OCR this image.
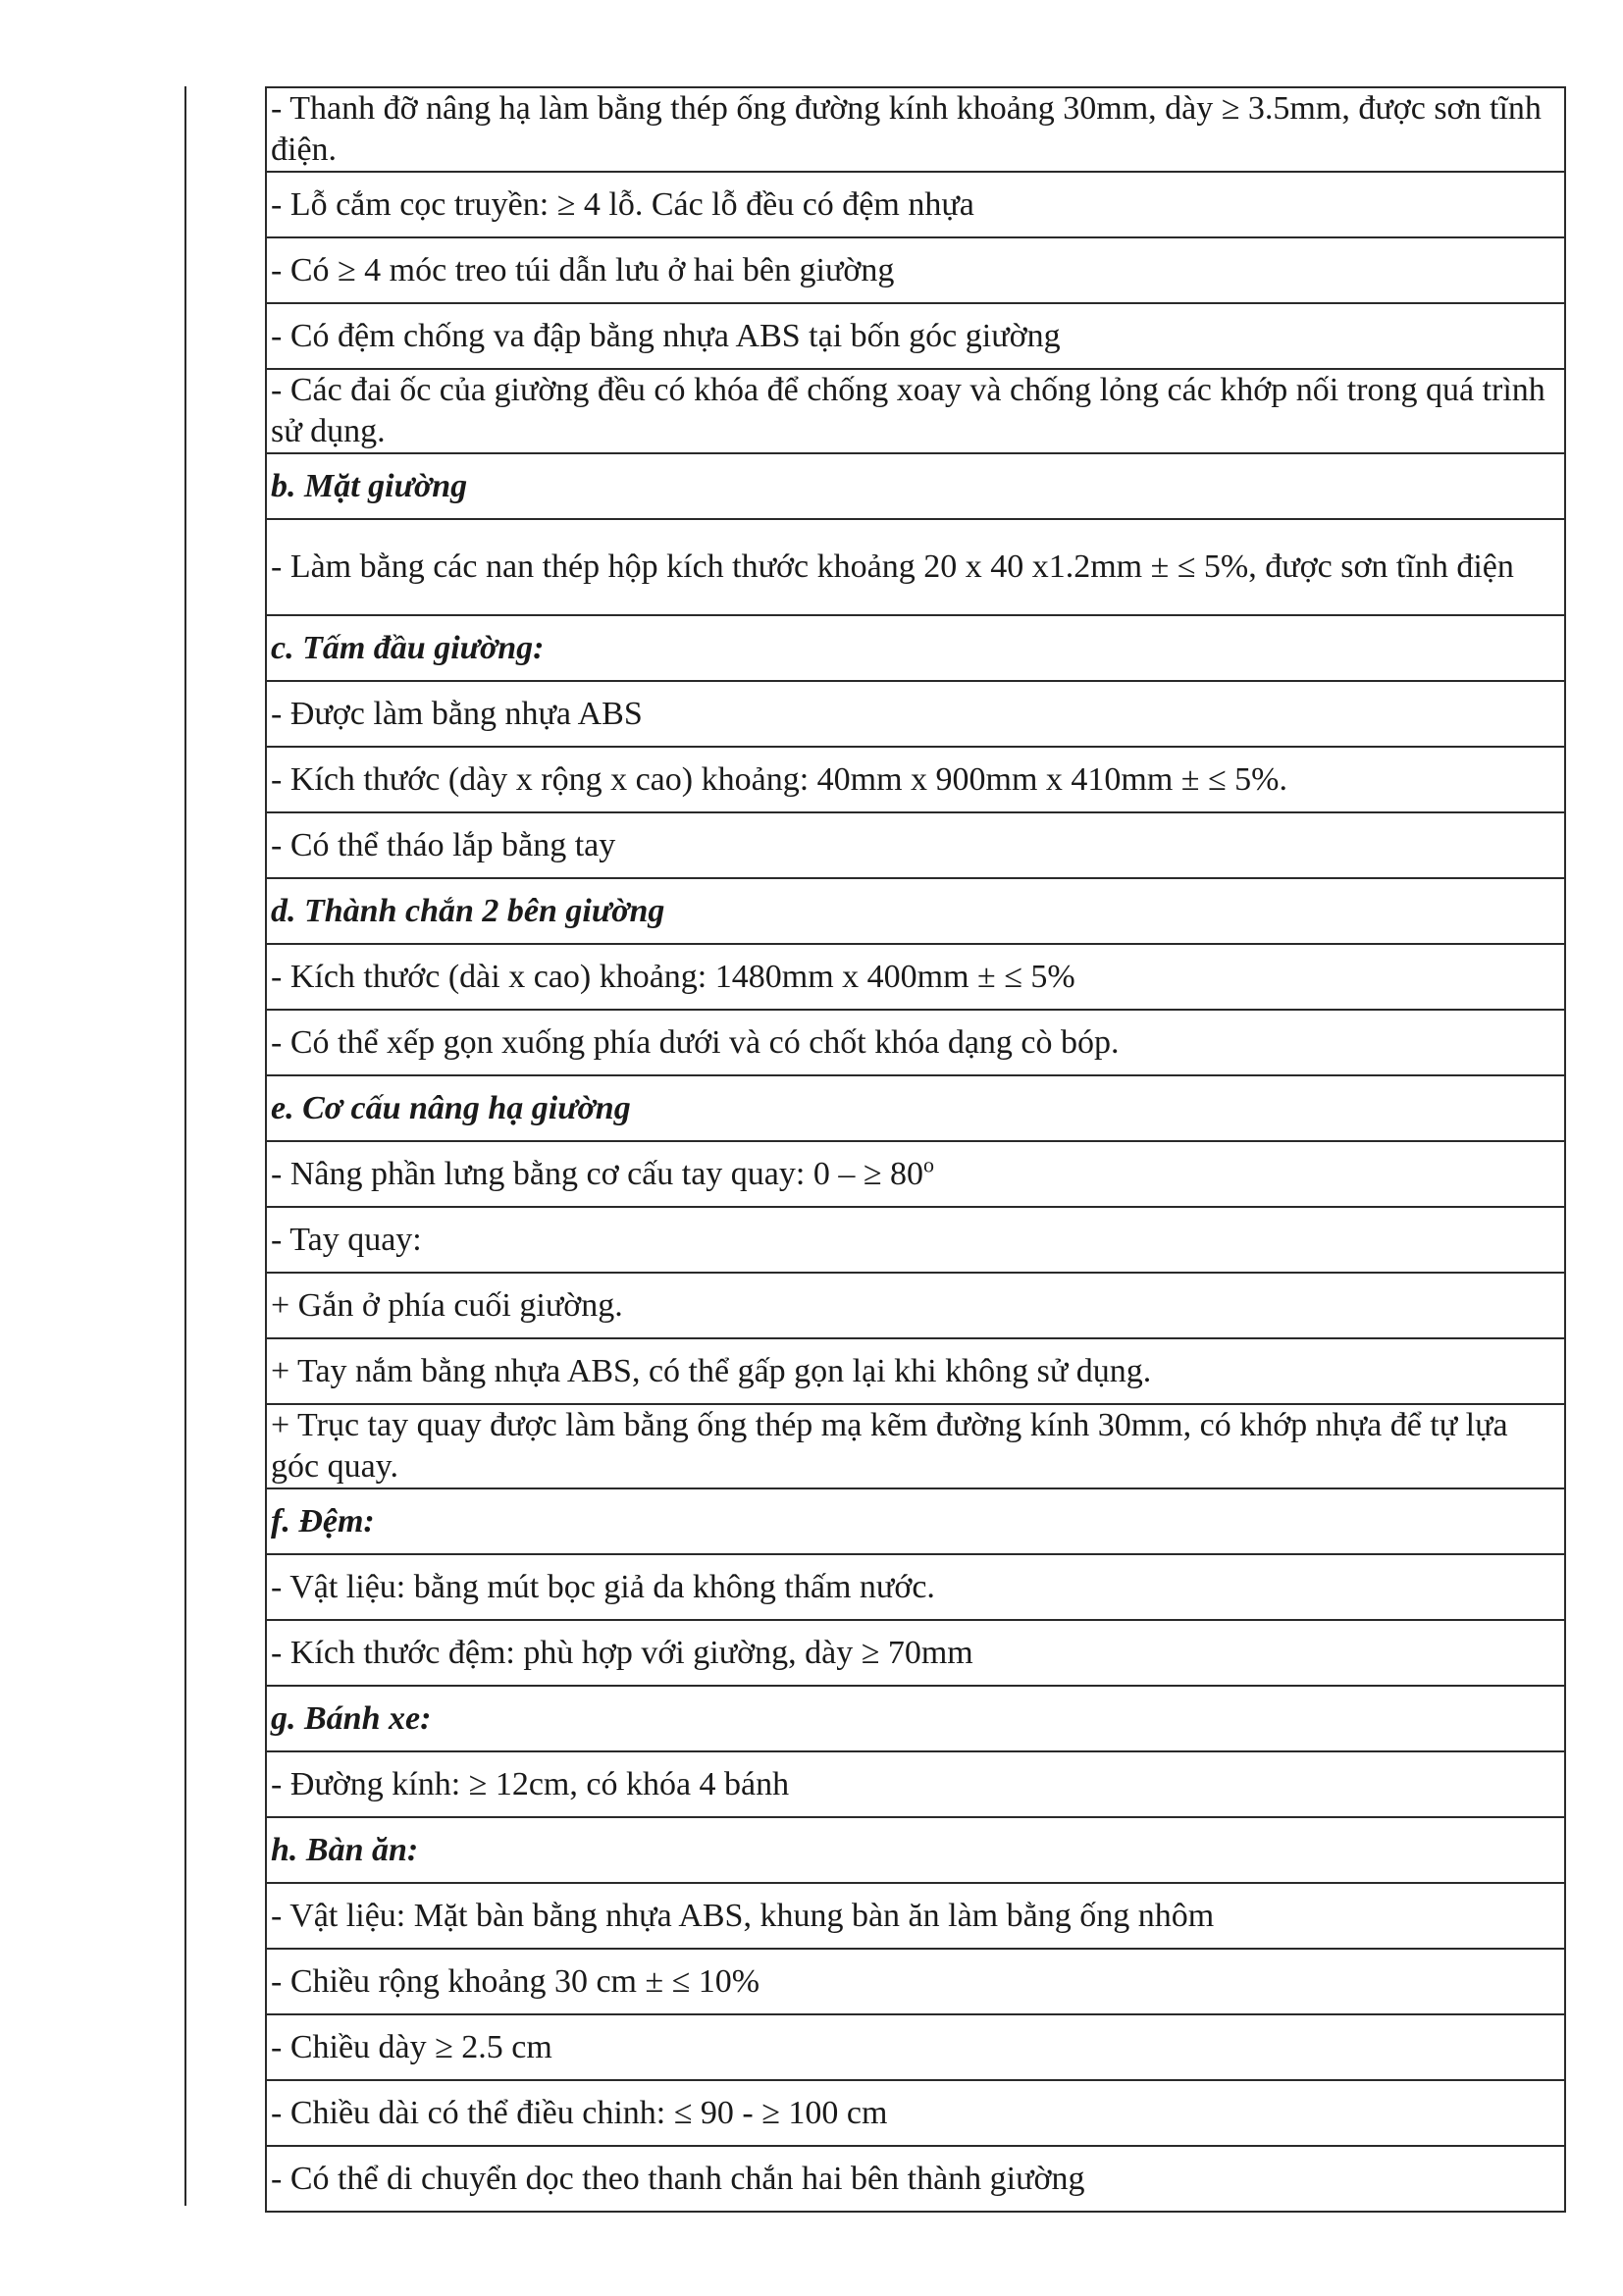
- Thanh đỡ nâng hạ làm bằng thép ống đường kính khoảng 30mm, dày ≥ 3.5mm, được sơn tĩnh điện.
- Lỗ cắm cọc truyền: ≥ 4 lỗ. Các lỗ đều có đệm nhựa
- Có ≥ 4 móc treo túi dẫn lưu ở hai bên giường
- Có đệm chống va đập bằng nhựa ABS tại bốn góc giường
- Các đai ốc của giường đều có khóa để chống xoay và chống lỏng các khớp nối trong quá trình sử dụng.
b. Mặt giường
- Làm bằng các nan thép hộp kích thước khoảng 20 x 40 x1.2mm ± ≤ 5%, được sơn tĩnh điện
c. Tấm đầu giường:
- Được làm bằng nhựa ABS
- Kích thước (dày x rộng x cao) khoảng: 40mm x 900mm x 410mm ± ≤ 5%.
- Có thể tháo lắp bằng tay
d. Thành chắn 2 bên giường
- Kích thước (dài x cao) khoảng: 1480mm x 400mm ± ≤ 5%
- Có thể xếp gọn xuống phía dưới và có chốt khóa dạng cò bóp.
e. Cơ cấu nâng hạ giường
- Nâng phần lưng bằng cơ cấu tay quay: 0 – ≥ $80^o$
- Tay quay:
+ Gắn ở phía cuối giường.
+ Tay nắm bằng nhựa ABS, có thể gấp gọn lại khi không sử dụng.
+ Trục tay quay được làm bằng ống thép mạ kẽm đường kính 30mm, có khớp nhựa để tự lựa góc quay.
f. Đệm:
- Vật liệu: bằng mút bọc giả da không thấm nước.
- Kích thước đệm: phù hợp với giường, dày ≥ 70mm
g. Bánh xe:
- Đường kính: ≥ 12cm, có khóa 4 bánh
h. Bàn ăn:
- Vật liệu: Mặt bàn bằng nhựa ABS, khung bàn ăn làm bằng ống nhôm
- Chiều rộng khoảng 30 cm ± ≤ 10%
- Chiều dày ≥ 2.5 cm
- Chiều dài có thể điều chinh: ≤ 90 - ≥ 100 cm
- Có thể di chuyển dọc theo thanh chắn hai bên thành giường
